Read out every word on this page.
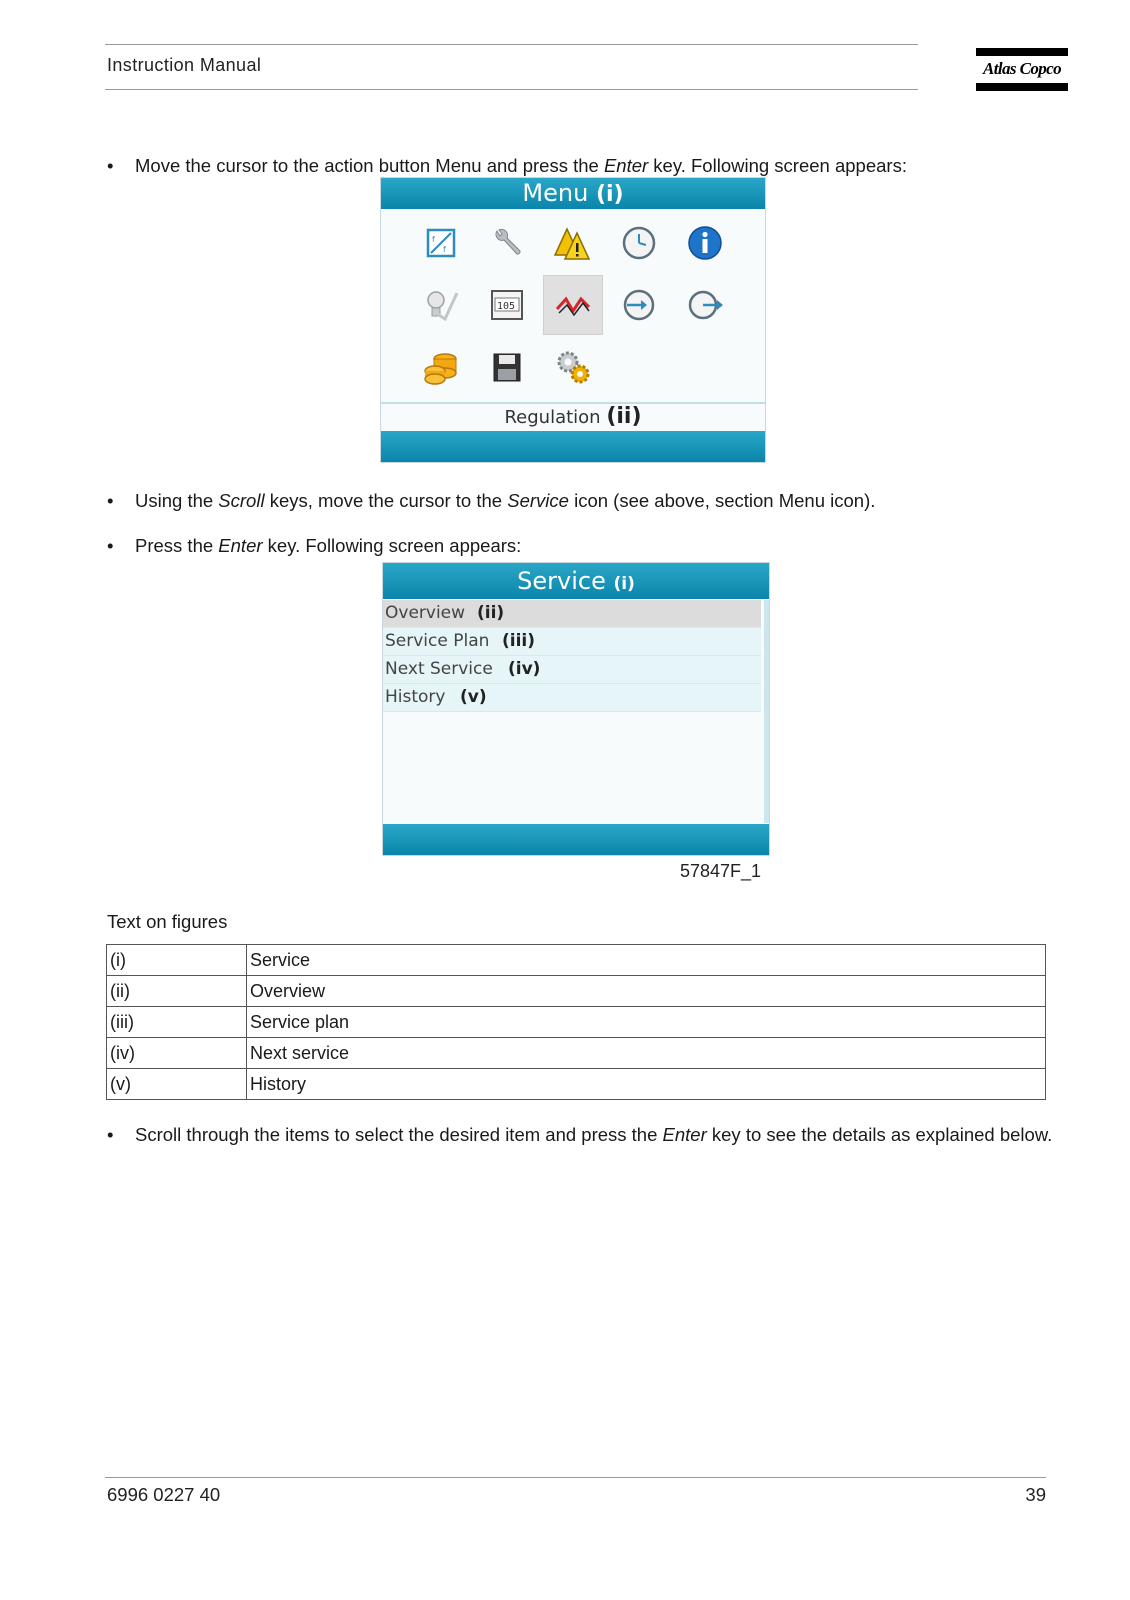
Instruction Manual	Atlas Copco
• Move the cursor to the action button Menu and press the Enter key. Following screen appears:
Menu (i)
f
f
105
Regulation (ii)
• Using the Scroll keys, move the cursor to the Service icon (see above, section Menu icon).
• Press the Enter key. Following screen appears:
Service (i)
Overview (ii)
Service Plan (iii)
Next Service (iv)
History (v)
57847F_1
Text on figures
(i)	Service
(ii)	Overview
(iii)	Service plan
(iv)	Next service
(v)	History
• Scroll through the items to select the desired item and press the Enter key to see the details as explained below.
6996 0227 40	39
